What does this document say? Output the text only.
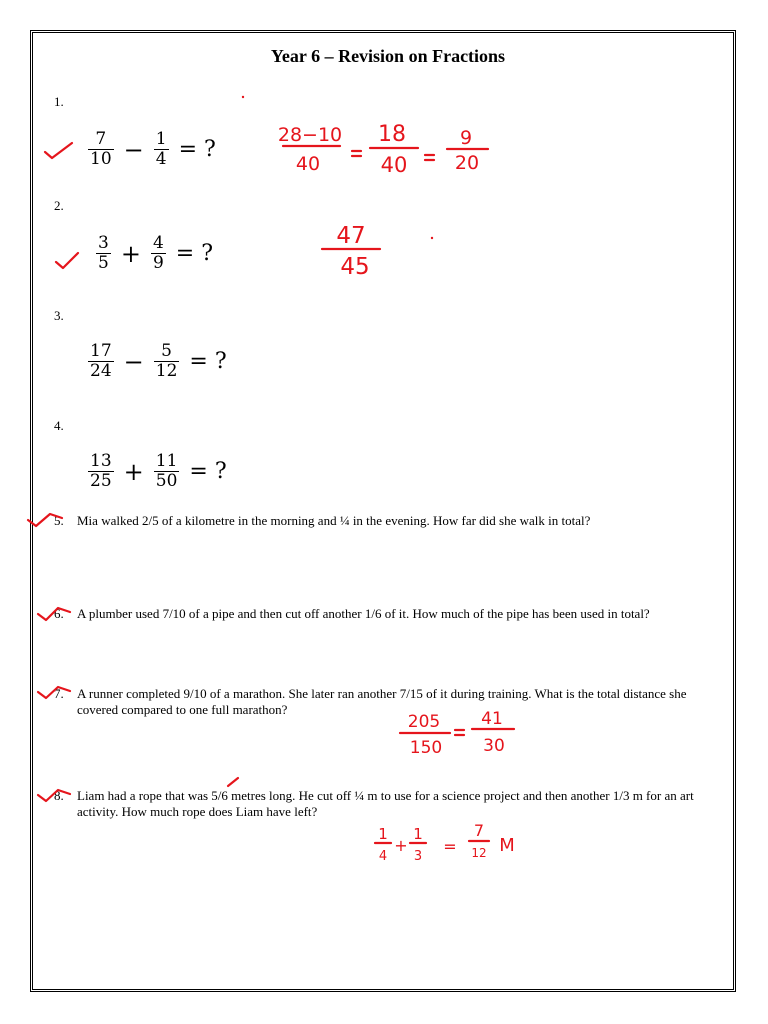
Year 6 – Revision on Fractions
1.
$\frac{7}{10} - \frac{1}{4}$ = ?
2.
$\frac{3}{5} + \frac{4}{9}$ = ?
3.
$\frac{17}{24} - \frac{5}{12}$ = ?
4.
$\frac{13}{25} + \frac{11}{50}$ = ?
5. Mia walked 2/5 of a kilometre in the morning and ¼ in the evening. How far did she walk in total?
6. A plumber used 7/10 of a pipe and then cut off another 1/6 of it. How much of the pipe has been used in total?
7. A runner completed 9/10 of a marathon. She later ran another 7/15 of it during training. What is the total distance she covered compared to one full marathon?
8. Liam had a rope that was 5/6 metres long. He cut off ¼ m to use for a science project and then another 1/3 m for an art activity. How much rope does Liam have left?
28−10
40
18
40
9
20
47
45
205
150
41
30
1
4
+
1
3
=
7
12 M
